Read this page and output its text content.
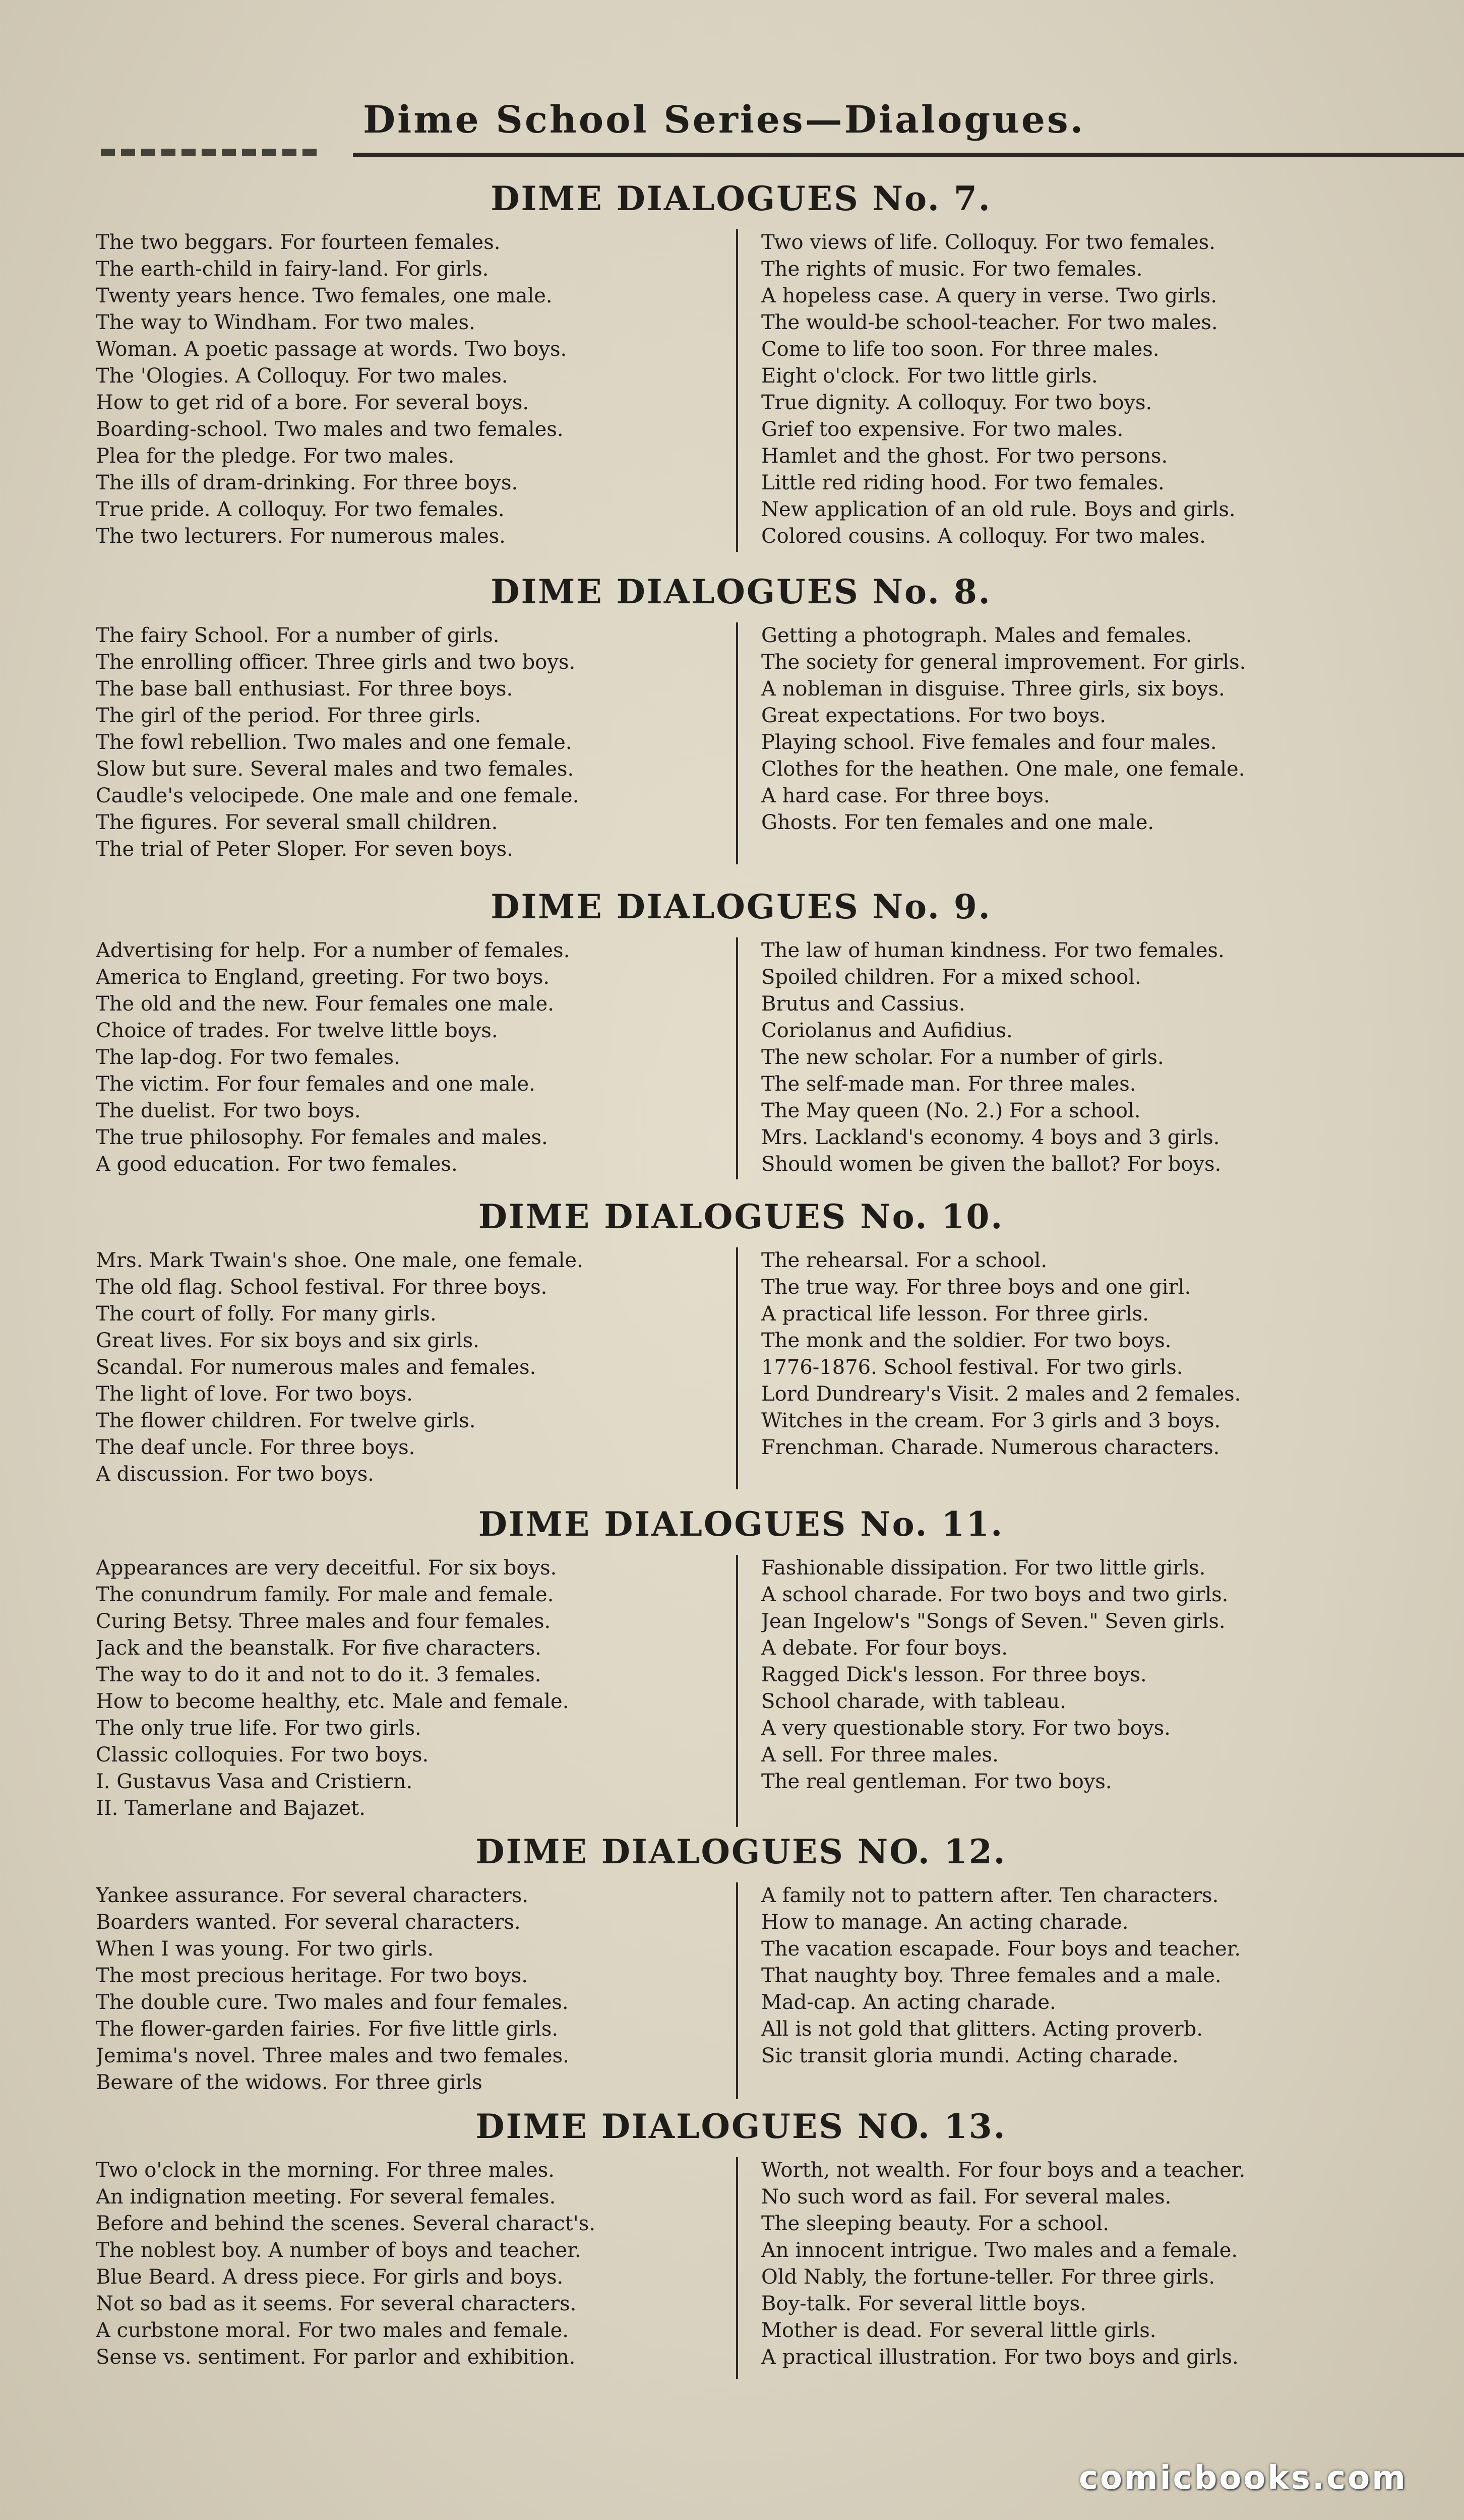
Dime School Series—Dialogues.
DIME DIALOGUES No. 7.
The two beggars. For fourteen females.
The earth-child in fairy-land. For girls.
Twenty years hence. Two females, one male.
The way to Windham. For two males.
Woman. A poetic passage at words. Two boys.
The 'Ologies. A Colloquy. For two males.
How to get rid of a bore. For several boys.
Boarding-school. Two males and two females.
Plea for the pledge. For two males.
The ills of dram-drinking. For three boys.
True pride. A colloquy. For two females.
The two lecturers. For numerous males.
Two views of life. Colloquy. For two females.
The rights of music. For two females.
A hopeless case. A query in verse. Two girls.
The would-be school-teacher. For two males.
Come to life too soon. For three males.
Eight o'clock. For two little girls.
True dignity. A colloquy. For two boys.
Grief too expensive. For two males.
Hamlet and the ghost. For two persons.
Little red riding hood. For two females.
New application of an old rule. Boys and girls.
Colored cousins. A colloquy. For two males.
DIME DIALOGUES No. 8.
The fairy School. For a number of girls.
The enrolling officer. Three girls and two boys.
The base ball enthusiast. For three boys.
The girl of the period. For three girls.
The fowl rebellion. Two males and one female.
Slow but sure. Several males and two females.
Caudle's velocipede. One male and one female.
The figures. For several small children.
The trial of Peter Sloper. For seven boys.
Getting a photograph. Males and females.
The society for general improvement. For girls.
A nobleman in disguise. Three girls, six boys.
Great expectations. For two boys.
Playing school. Five females and four males.
Clothes for the heathen. One male, one female.
A hard case. For three boys.
Ghosts. For ten females and one male.
DIME DIALOGUES No. 9.
Advertising for help. For a number of females.
America to England, greeting. For two boys.
The old and the new. Four females one male.
Choice of trades. For twelve little boys.
The lap-dog. For two females.
The victim. For four females and one male.
The duelist. For two boys.
The true philosophy. For females and males.
A good education. For two females.
The law of human kindness. For two females.
Spoiled children. For a mixed school.
Brutus and Cassius.
Coriolanus and Aufidius.
The new scholar. For a number of girls.
The self-made man. For three males.
The May queen (No. 2.) For a school.
Mrs. Lackland's economy. 4 boys and 3 girls.
Should women be given the ballot? For boys.
DIME DIALOGUES No. 10.
Mrs. Mark Twain's shoe. One male, one female.
The old flag. School festival. For three boys.
The court of folly. For many girls.
Great lives. For six boys and six girls.
Scandal. For numerous males and females.
The light of love. For two boys.
The flower children. For twelve girls.
The deaf uncle. For three boys.
A discussion. For two boys.
The rehearsal. For a school.
The true way. For three boys and one girl.
A practical life lesson. For three girls.
The monk and the soldier. For two boys.
1776-1876. School festival. For two girls.
Lord Dundreary's Visit. 2 males and 2 females.
Witches in the cream. For 3 girls and 3 boys.
Frenchman. Charade. Numerous characters.
DIME DIALOGUES No. 11.
Appearances are very deceitful. For six boys.
The conundrum family. For male and female.
Curing Betsy. Three males and four females.
Jack and the beanstalk. For five characters.
The way to do it and not to do it. 3 females.
How to become healthy, etc. Male and female.
The only true life. For two girls.
Classic colloquies. For two boys.
I. Gustavus Vasa and Cristiern.
II. Tamerlane and Bajazet.
Fashionable dissipation. For two little girls.
A school charade. For two boys and two girls.
Jean Ingelow's "Songs of Seven." Seven girls.
A debate. For four boys.
Ragged Dick's lesson. For three boys.
School charade, with tableau.
A very questionable story. For two boys.
A sell. For three males.
The real gentleman. For two boys.
DIME DIALOGUES NO. 12.
Yankee assurance. For several characters.
Boarders wanted. For several characters.
When I was young. For two girls.
The most precious heritage. For two boys.
The double cure. Two males and four females.
The flower-garden fairies. For five little girls.
Jemima's novel. Three males and two females.
Beware of the widows. For three girls
A family not to pattern after. Ten characters.
How to manage. An acting charade.
The vacation escapade. Four boys and teacher.
That naughty boy. Three females and a male.
Mad-cap. An acting charade.
All is not gold that glitters. Acting proverb.
Sic transit gloria mundi. Acting charade.
DIME DIALOGUES NO. 13.
Two o'clock in the morning. For three males.
An indignation meeting. For several females.
Before and behind the scenes. Several charact's.
The noblest boy. A number of boys and teacher.
Blue Beard. A dress piece. For girls and boys.
Not so bad as it seems. For several characters.
A curbstone moral. For two males and female.
Sense vs. sentiment. For parlor and exhibition.
Worth, not wealth. For four boys and a teacher.
No such word as fail. For several males.
The sleeping beauty. For a school.
An innocent intrigue. Two males and a female.
Old Nably, the fortune-teller. For three girls.
Boy-talk. For several little boys.
Mother is dead. For several little girls.
A practical illustration. For two boys and girls.
comicbooks.com
